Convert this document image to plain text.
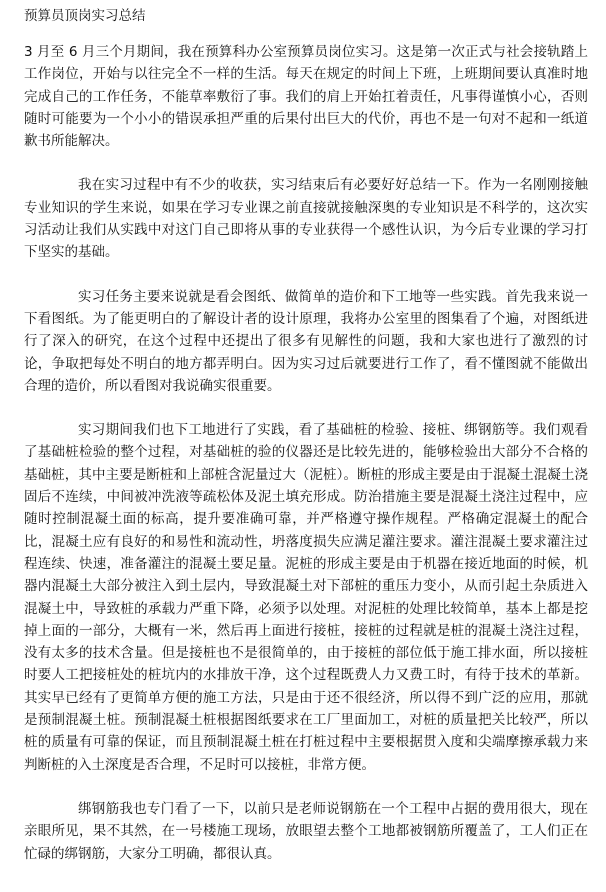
预算员顶岗实习总结

3 月至 6 月三个月期间，我在预算科办公室预算员岗位实习。这是第一次正式与社会接轨踏上工作岗位，开始与以往完全不一样的生活。每天在规定的时间上下班，上班期间要认真准时地完成自己的工作任务，不能草率敷衍了事。我们的肩上开始扛着责任，凡事得谨慎小心，否则随时可能要为一个小小的错误承担严重的后果付出巨大的代价，再也不是一句对不起和一纸道歉书所能解决。

我在实习过程中有不少的收获，实习结束后有必要好好总结一下。作为一名刚刚接触专业知识的学生来说，如果在学习专业课之前直接就接触深奥的专业知识是不科学的，这次实习活动让我们从实践中对这门自己即将从事的专业获得一个感性认识，为今后专业课的学习打下坚实的基础。

实习任务主要来说就是看会图纸、做简单的造价和下工地等一些实践。首先我来说一下看图纸。为了能更明白的了解设计者的设计原理，我将办公室里的图集看了个遍，对图纸进行了深入的研究，在这个过程中还提出了很多有见解性的问题，我和大家也进行了激烈的讨论，争取把每处不明白的地方都弄明白。因为实习过后就要进行工作了，看不懂图就不能做出合理的造价，所以看图对我说确实很重要。

实习期间我们也下工地进行了实践，看了基础桩的检验、接桩、绑钢筋等。我们观看了基础桩检验的整个过程，对基础桩的验的仪器还是比较先进的，能够检验出大部分不合格的基础桩，其中主要是断桩和上部桩含泥量过大（泥桩）。断桩的形成主要是由于混凝土混凝土浇固后不连续，中间被冲洗液等疏松体及泥土填充形成。防治措施主要是混凝土浇注过程中，应随时控制混凝土面的标高，提升要准确可靠，并严格遵守操作规程。严格确定混凝土的配合比，混凝土应有良好的和易性和流动性，坍落度损失应满足灌注要求。灌注混凝土要求灌注过程连续、快速，准备灌注的混凝土要足量。泥桩的形成主要是由于机器在接近地面的时候，机器内混凝土大部分被注入到土层内，导致混凝土对下部桩的重压力变小，从而引起土杂质进入混凝土中，导致桩的承载力严重下降，必须予以处理。对泥桩的处理比较简单，基本上都是挖掉上面的一部分，大概有一米，然后再上面进行接桩，接桩的过程就是桩的混凝土浇注过程，没有太多的技术含量。但是接桩也不是很简单的，由于接桩的部位低于施工排水面，所以接桩时要人工把接桩处的桩坑内的水排放干净，这个过程既费人力又费工时，有待于技术的革新。其实早已经有了更简单方便的施工方法，只是由于还不很经济，所以得不到广泛的应用，那就是预制混凝土桩。预制混凝土桩根据图纸要求在工厂里面加工，对桩的质量把关比较严，所以桩的质量有可靠的保证，而且预制混凝土桩在打桩过程中主要根据贯入度和尖端摩擦承载力来判断桩的入土深度是否合理，不足时可以接桩，非常方便。

绑钢筋我也专门看了一下，以前只是老师说钢筋在一个工程中占据的费用很大，现在亲眼所见，果不其然，在一号楼施工现场，放眼望去整个工地都被钢筋所覆盖了，工人们正在忙碌的绑钢筋，大家分工明确，都很认真。
